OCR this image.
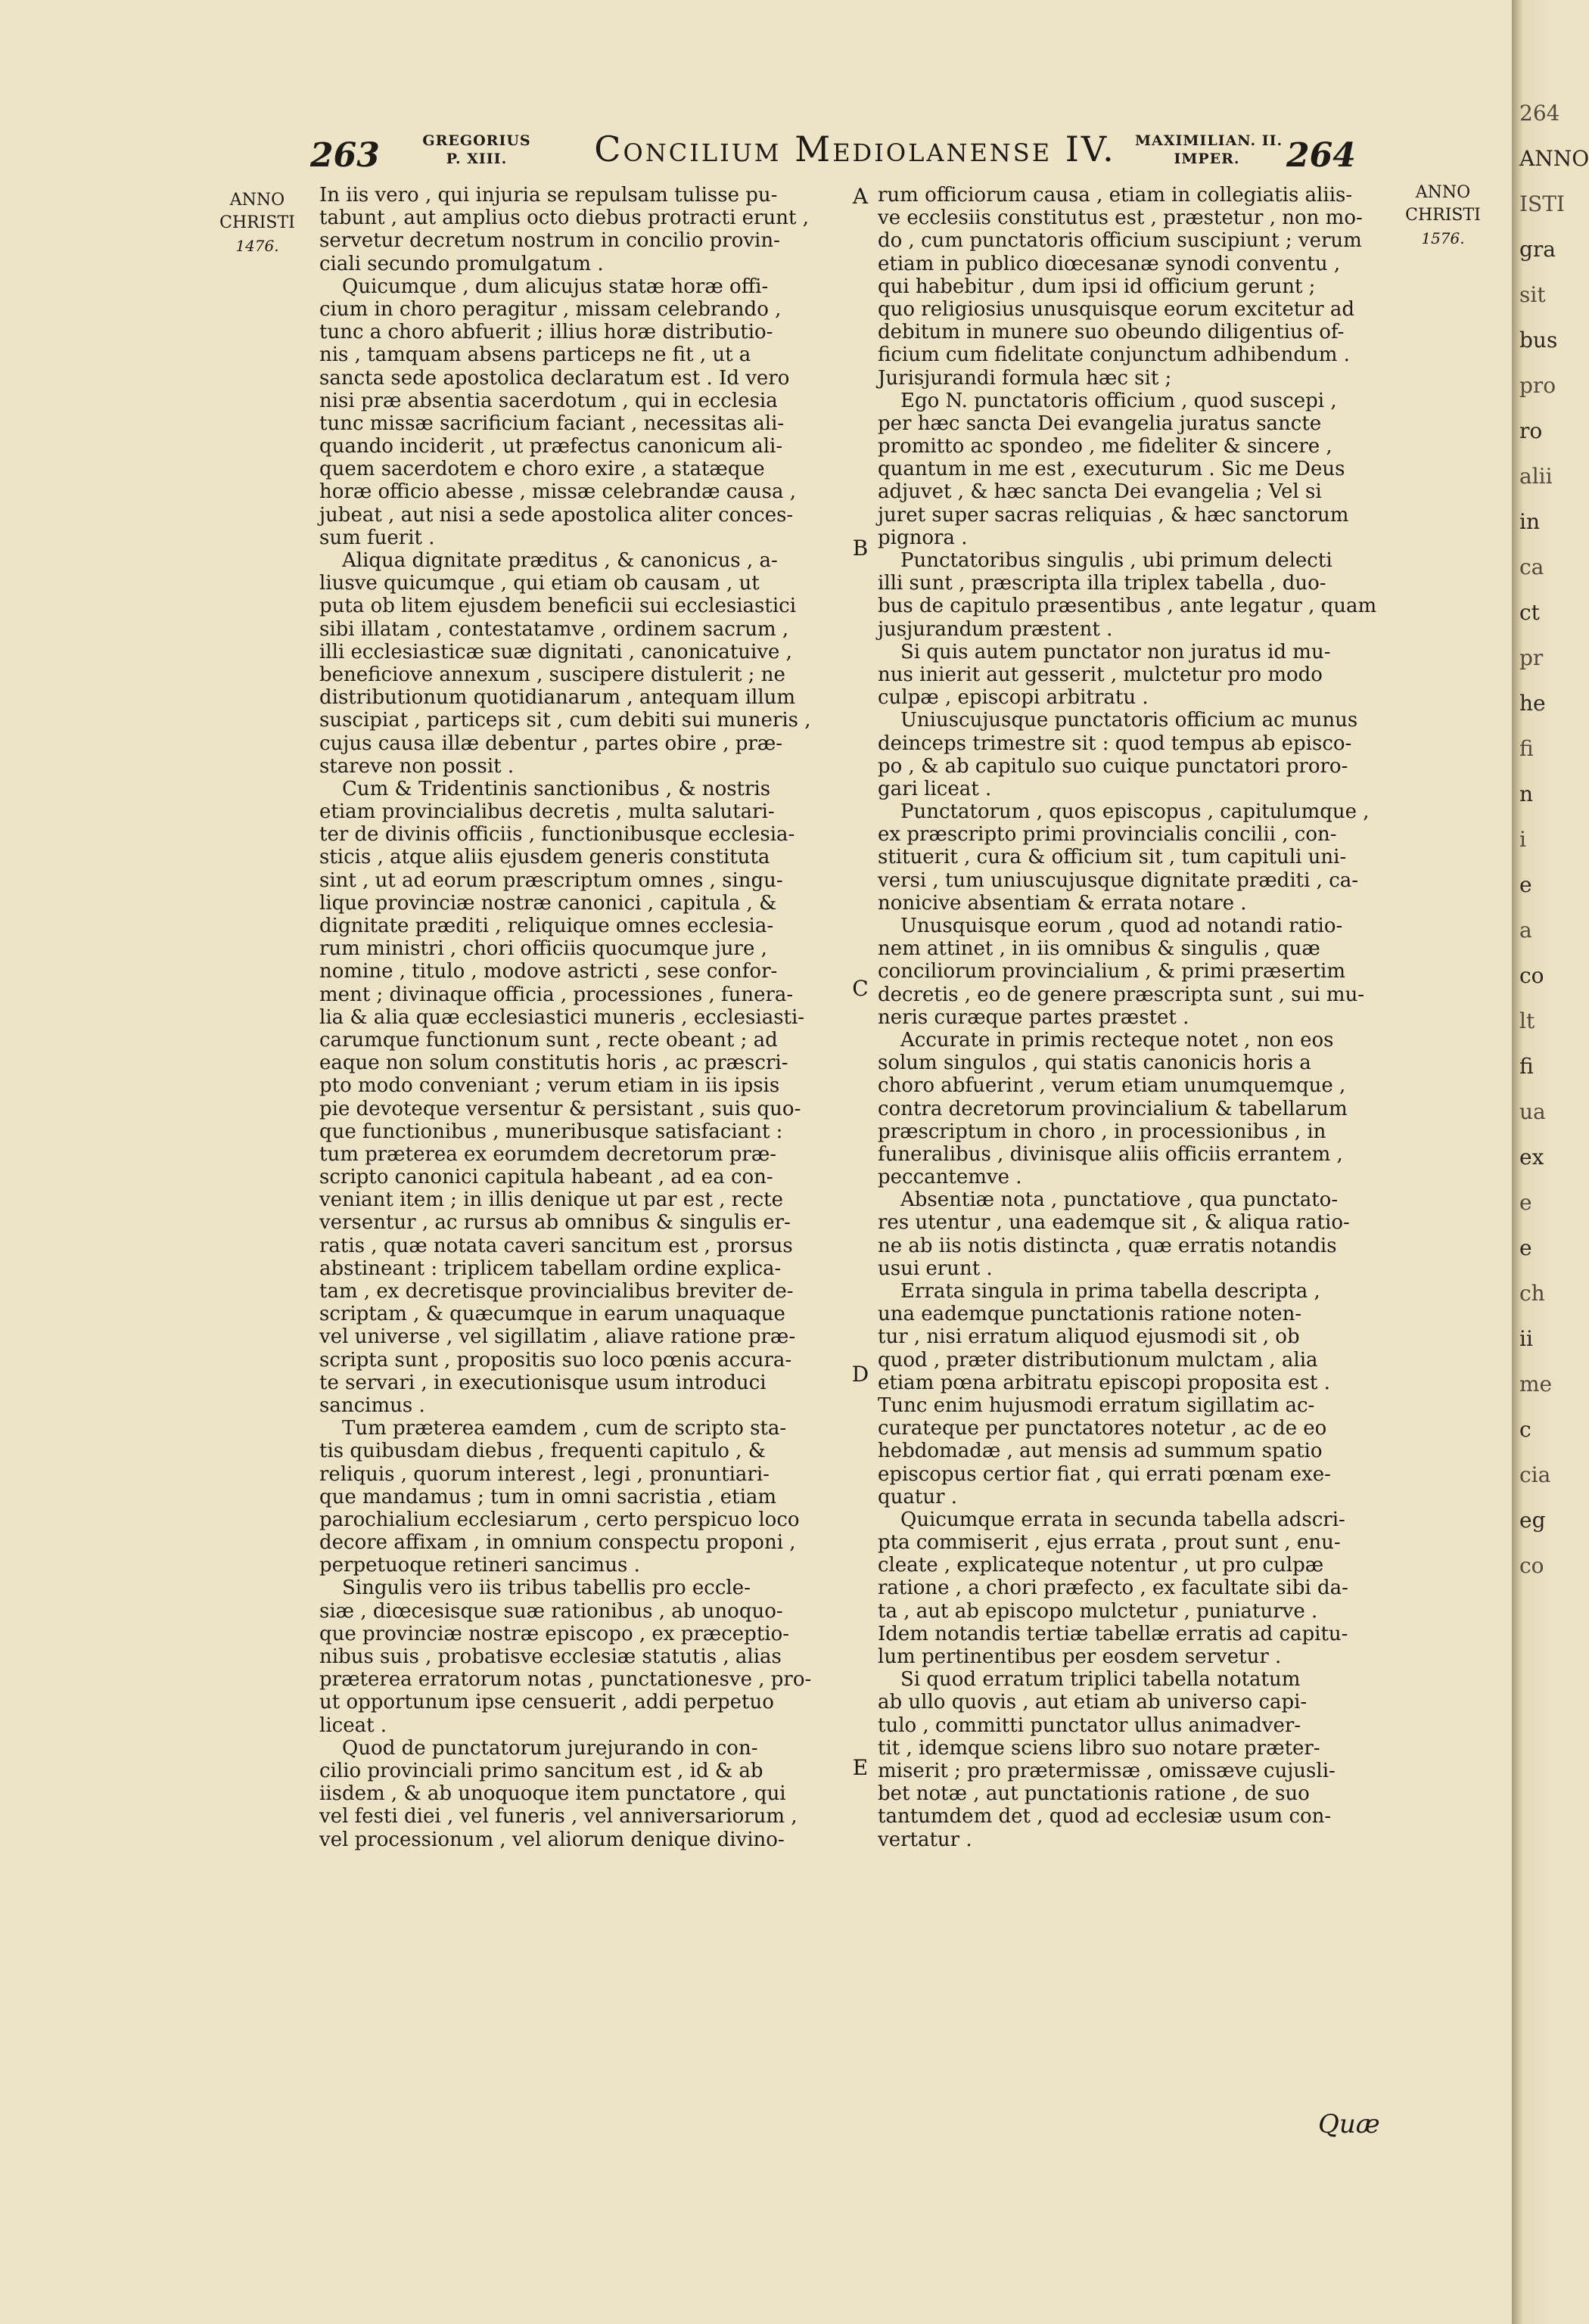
264
ANNO
ISTI
gra
sit
bus
pro
ro
alii
in
ca
ct
pr
he
fi
n
i
e
a
co
lt
fi
ua
ex
e
e
ch
ii
me
c
cia
eg
co
263	GREGORIUS
P. XIII.	Concilium Mediolanense IV.	MAXIMILIAN. II.
IMPER.	264
ANNO
CHRISTI
1476.
ANNO
CHRISTI
1576.
In iis vero , qui injuria se repulsam tulisse pu-
tabunt , aut amplius octo diebus protracti erunt ,
servetur decretum nostrum in concilio provin-
ciali secundo promulgatum .
Quicumque , dum alicujus statæ horæ offi-
cium in choro peragitur , missam celebrando ,
tunc a choro abfuerit ; illius horæ distributio-
nis , tamquam absens particeps ne fit , ut a
sancta sede apostolica declaratum est . Id vero
nisi præ absentia sacerdotum , qui in ecclesia
tunc missæ sacrificium faciant , necessitas ali-
quando inciderit , ut præfectus canonicum ali-
quem sacerdotem e choro exire , a statæque
horæ officio abesse , missæ celebrandæ causa ,
jubeat , aut nisi a sede apostolica aliter conces-
sum fuerit .
Aliqua dignitate præditus , & canonicus , a-
liusve quicumque , qui etiam ob causam , ut
puta ob litem ejusdem beneficii sui ecclesiastici
sibi illatam , contestatamve , ordinem sacrum ,
illi ecclesiasticæ suæ dignitati , canonicatuive ,
beneficiove annexum , suscipere distulerit ; ne
distributionum quotidianarum , antequam illum
suscipiat , particeps sit , cum debiti sui muneris ,
cujus causa illæ debentur , partes obire , præ-
stareve non possit .
Cum & Tridentinis sanctionibus , & nostris
etiam provincialibus decretis , multa salutari-
ter de divinis officiis , functionibusque ecclesia-
sticis , atque aliis ejusdem generis constituta
sint , ut ad eorum præscriptum omnes , singu-
lique provinciæ nostræ canonici , capitula , &
dignitate præditi , reliquique omnes ecclesia-
rum ministri , chori officiis quocumque jure ,
nomine , titulo , modove astricti , sese confor-
ment ; divinaque officia , processiones , funera-
lia & alia quæ ecclesiastici muneris , ecclesiasti-
carumque functionum sunt , recte obeant ; ad
eaque non solum constitutis horis , ac præscri-
pto modo conveniant ; verum etiam in iis ipsis
pie devoteque versentur & persistant , suis quo-
que functionibus , muneribusque satisfaciant :
tum præterea ex eorumdem decretorum præ-
scripto canonici capitula habeant , ad ea con-
veniant item ; in illis denique ut par est , recte
versentur , ac rursus ab omnibus & singulis er-
ratis , quæ notata caveri sancitum est , prorsus
abstineant : triplicem tabellam ordine explica-
tam , ex decretisque provincialibus breviter de-
scriptam , & quæcumque in earum unaquaque
vel universe , vel sigillatim , aliave ratione præ-
scripta sunt , propositis suo loco pœnis accura-
te servari , in executionisque usum introduci
sancimus .
Tum præterea eamdem , cum de scripto sta-
tis quibusdam diebus , frequenti capitulo , &
reliquis , quorum interest , legi , pronuntiari-
que mandamus ; tum in omni sacristia , etiam
parochialium ecclesiarum , certo perspicuo loco
decore affixam , in omnium conspectu proponi ,
perpetuoque retineri sancimus .
Singulis vero iis tribus tabellis pro eccle-
siæ , diœcesisque suæ rationibus , ab unoquo-
que provinciæ nostræ episcopo , ex præceptio-
nibus suis , probatisve ecclesiæ statutis , alias
præterea erratorum notas , punctationesve , pro-
ut opportunum ipse censuerit , addi perpetuo
liceat .
Quod de punctatorum jurejurando in con-
cilio provinciali primo sancitum est , id & ab
iisdem , & ab unoquoque item punctatore , qui
vel festi diei , vel funeris , vel anniversariorum ,
vel processionum , vel aliorum denique divino-
rum officiorum causa , etiam in collegiatis aliis-
ve ecclesiis constitutus est , præstetur , non mo-
do , cum punctatoris officium suscipiunt ; verum
etiam in publico diœcesanæ synodi conventu ,
qui habebitur , dum ipsi id officium gerunt ;
quo religiosius unusquisque eorum excitetur ad
debitum in munere suo obeundo diligentius of-
ficium cum fidelitate conjunctum adhibendum .
Jurisjurandi formula hæc sit ;
Ego N. punctatoris officium , quod suscepi ,
per hæc sancta Dei evangelia juratus sancte
promitto ac spondeo , me fideliter & sincere ,
quantum in me est , executurum . Sic me Deus
adjuvet , & hæc sancta Dei evangelia ; Vel si
juret super sacras reliquias , & hæc sanctorum
pignora .
Punctatoribus singulis , ubi primum delecti
illi sunt , præscripta illa triplex tabella , duo-
bus de capitulo præsentibus , ante legatur , quam
jusjurandum præstent .
Si quis autem punctator non juratus id mu-
nus inierit aut gesserit , mulctetur pro modo
culpæ , episcopi arbitratu .
Uniuscujusque punctatoris officium ac munus
deinceps trimestre sit : quod tempus ab episco-
po , & ab capitulo suo cuique punctatori proro-
gari liceat .
Punctatorum , quos episcopus , capitulumque ,
ex præscripto primi provincialis concilii , con-
stituerit , cura & officium sit , tum capituli uni-
versi , tum uniuscujusque dignitate præditi , ca-
nonicive absentiam & errata notare .
Unusquisque eorum , quod ad notandi ratio-
nem attinet , in iis omnibus & singulis , quæ
conciliorum provincialium , & primi præsertim
decretis , eo de genere præscripta sunt , sui mu-
neris curæque partes præstet .
Accurate in primis recteque notet , non eos
solum singulos , qui statis canonicis horis a
choro abfuerint , verum etiam unumquemque ,
contra decretorum provincialium & tabellarum
præscriptum in choro , in processionibus , in
funeralibus , divinisque aliis officiis errantem ,
peccantemve .
Absentiæ nota , punctatiove , qua punctato-
res utentur , una eademque sit , & aliqua ratio-
ne ab iis notis distincta , quæ erratis notandis
usui erunt .
Errata singula in prima tabella descripta ,
una eademque punctationis ratione noten-
tur , nisi erratum aliquod ejusmodi sit , ob
quod , præter distributionum mulctam , alia
etiam pœna arbitratu episcopi proposita est .
Tunc enim hujusmodi erratum sigillatim ac-
curateque per punctatores notetur , ac de eo
hebdomadæ , aut mensis ad summum spatio
episcopus certior fiat , qui errati pœnam exe-
quatur .
Quicumque errata in secunda tabella adscri-
pta commiserit , ejus errata , prout sunt , enu-
cleate , explicateque notentur , ut pro culpæ
ratione , a chori præfecto , ex facultate sibi da-
ta , aut ab episcopo mulctetur , puniaturve .
Idem notandis tertiæ tabellæ erratis ad capitu-
lum pertinentibus per eosdem servetur .
Si quod erratum triplici tabella notatum
ab ullo quovis , aut etiam ab universo capi-
tulo , committi punctator ullus animadver-
tit , idemque sciens libro suo notare præter-
miserit ; pro prætermissæ , omissæve cujusli-
bet notæ , aut punctationis ratione , de suo
tantumdem det , quod ad ecclesiæ usum con-
vertatur .
A
B
C
D
E
Quæ
